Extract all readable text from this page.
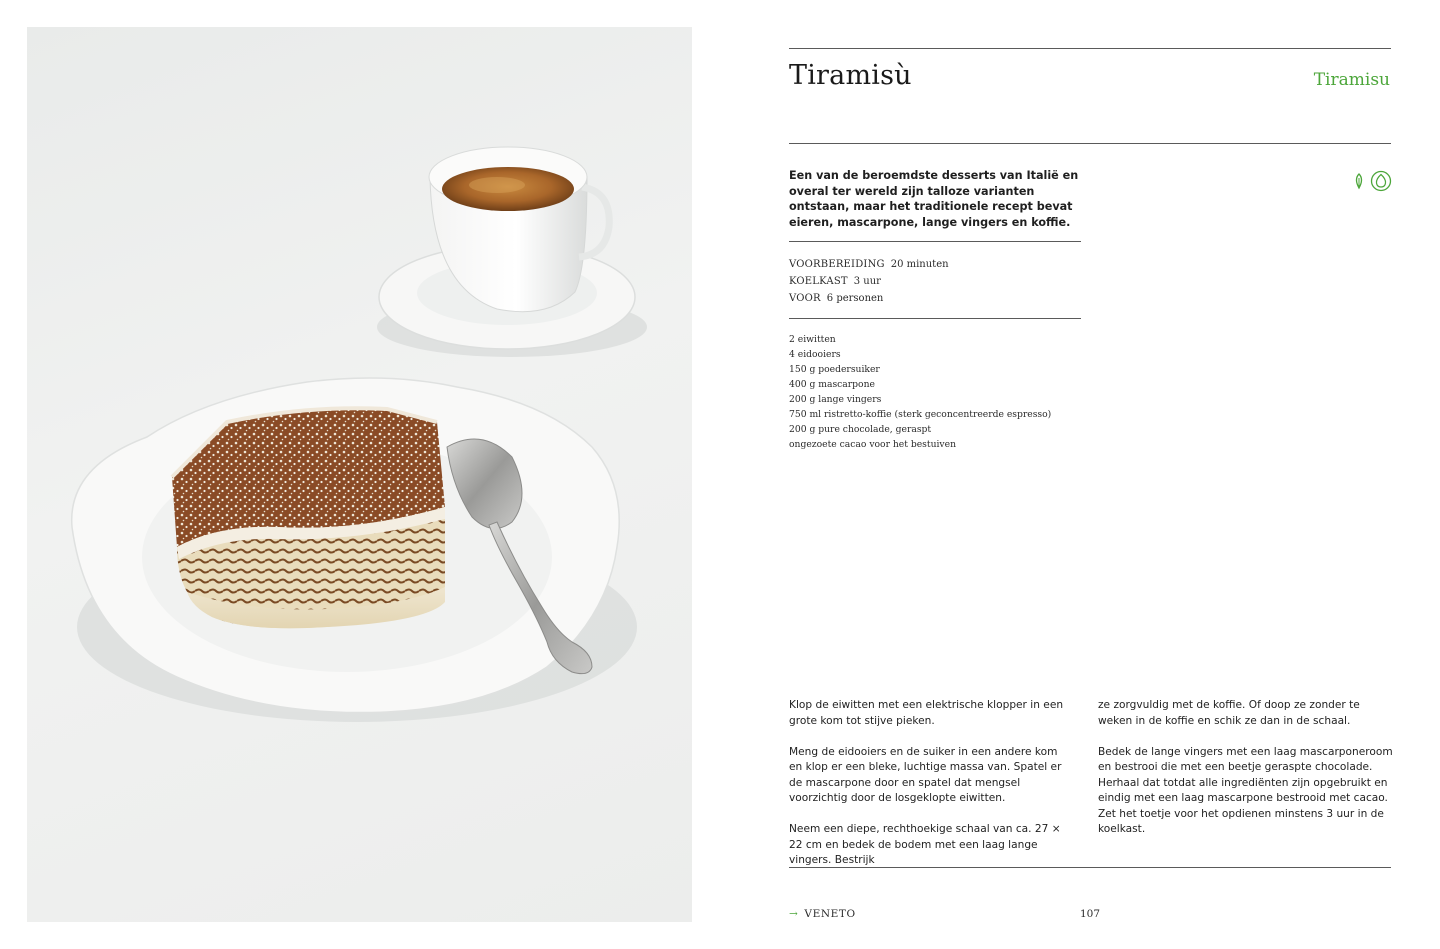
Tiramisù	Tiramisu

Een van de beroemdste desserts van Italië en overal ter wereld zijn talloze varianten ontstaan, maar het traditionele recept bevat eieren, mascarpone, lange vingers en koffie.

VOORBEREIDING 20 minuten
KOELKAST 3 uur
VOOR 6 personen
2 eiwitten
4 eidooiers
150 g poedersuiker
400 g mascarpone
200 g lange vingers
750 ml ristretto-koffie (sterk geconcentreerde espresso)
200 g pure chocolade, geraspt
ongezoete cacao voor het bestuiven

Klop de eiwitten met een elektrische klopper in een grote kom tot stijve pieken.

Meng de eidooiers en de suiker in een andere kom en klop er een bleke, luchtige massa van. Spatel er de mascarpone door en spatel dat mengsel voorzichtig door de losgeklopte eiwitten.

Neem een diepe, rechthoekige schaal van ca. 27 × 22 cm en bedek de bodem met een laag lange vingers. Bestrijk

ze zorgvuldig met de koffie. Of doop ze zonder te weken in de koffie en schik ze dan in de schaal.

Bedek de lange vingers met een laag mascarponeroom en bestrooi die met een beetje geraspte chocolade. Herhaal dat totdat alle ingrediënten zijn opgebruikt en eindig met een laag mascarpone bestrooid met cacao. Zet het toetje voor het opdienen minstens 3 uur in de koelkast.

→ VENETO	107
